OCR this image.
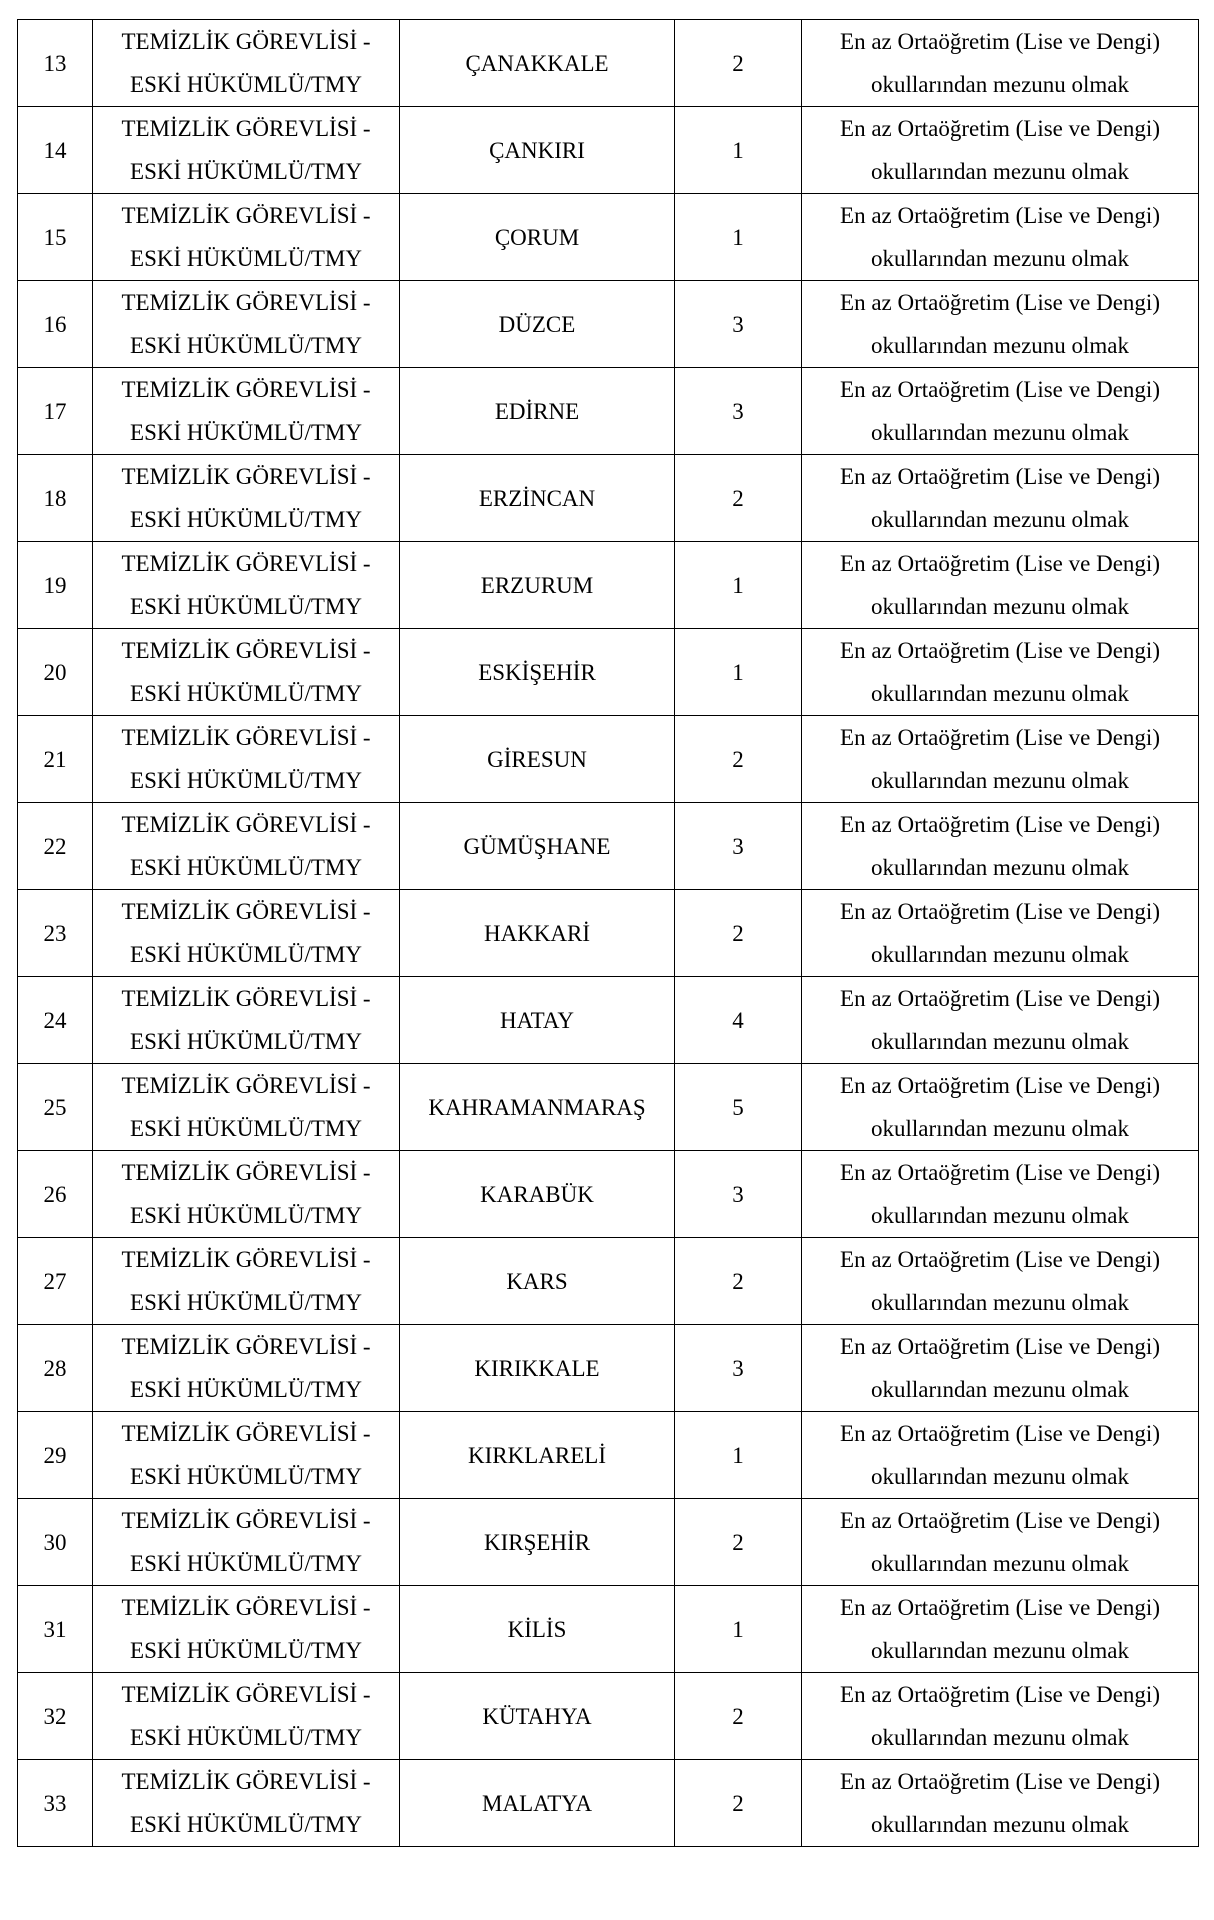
13	TEMİZLİK GÖREVLİSİ -
ESKİ HÜKÜMLÜ/TMY	ÇANAKKALE	2	En az Ortaöğretim (Lise ve Dengi)
okullarından mezunu olmak

14	TEMİZLİK GÖREVLİSİ -
ESKİ HÜKÜMLÜ/TMY	ÇANKIRI	1	En az Ortaöğretim (Lise ve Dengi)
okullarından mezunu olmak

15	TEMİZLİK GÖREVLİSİ -
ESKİ HÜKÜMLÜ/TMY	ÇORUM	1	En az Ortaöğretim (Lise ve Dengi)
okullarından mezunu olmak

16	TEMİZLİK GÖREVLİSİ -
ESKİ HÜKÜMLÜ/TMY	DÜZCE	3	En az Ortaöğretim (Lise ve Dengi)
okullarından mezunu olmak

17	TEMİZLİK GÖREVLİSİ -
ESKİ HÜKÜMLÜ/TMY	EDİRNE	3	En az Ortaöğretim (Lise ve Dengi)
okullarından mezunu olmak

18	TEMİZLİK GÖREVLİSİ -
ESKİ HÜKÜMLÜ/TMY	ERZİNCAN	2	En az Ortaöğretim (Lise ve Dengi)
okullarından mezunu olmak

19	TEMİZLİK GÖREVLİSİ -
ESKİ HÜKÜMLÜ/TMY	ERZURUM	1	En az Ortaöğretim (Lise ve Dengi)
okullarından mezunu olmak

20	TEMİZLİK GÖREVLİSİ -
ESKİ HÜKÜMLÜ/TMY	ESKİŞEHİR	1	En az Ortaöğretim (Lise ve Dengi)
okullarından mezunu olmak

21	TEMİZLİK GÖREVLİSİ -
ESKİ HÜKÜMLÜ/TMY	GİRESUN	2	En az Ortaöğretim (Lise ve Dengi)
okullarından mezunu olmak

22	TEMİZLİK GÖREVLİSİ -
ESKİ HÜKÜMLÜ/TMY	GÜMÜŞHANE	3	En az Ortaöğretim (Lise ve Dengi)
okullarından mezunu olmak

23	TEMİZLİK GÖREVLİSİ -
ESKİ HÜKÜMLÜ/TMY	HAKKARİ	2	En az Ortaöğretim (Lise ve Dengi)
okullarından mezunu olmak

24	TEMİZLİK GÖREVLİSİ -
ESKİ HÜKÜMLÜ/TMY	HATAY	4	En az Ortaöğretim (Lise ve Dengi)
okullarından mezunu olmak

25	TEMİZLİK GÖREVLİSİ -
ESKİ HÜKÜMLÜ/TMY	KAHRAMANMARAŞ	5	En az Ortaöğretim (Lise ve Dengi)
okullarından mezunu olmak

26	TEMİZLİK GÖREVLİSİ -
ESKİ HÜKÜMLÜ/TMY	KARABÜK	3	En az Ortaöğretim (Lise ve Dengi)
okullarından mezunu olmak

27	TEMİZLİK GÖREVLİSİ -
ESKİ HÜKÜMLÜ/TMY	KARS	2	En az Ortaöğretim (Lise ve Dengi)
okullarından mezunu olmak

28	TEMİZLİK GÖREVLİSİ -
ESKİ HÜKÜMLÜ/TMY	KIRIKKALE	3	En az Ortaöğretim (Lise ve Dengi)
okullarından mezunu olmak

29	TEMİZLİK GÖREVLİSİ -
ESKİ HÜKÜMLÜ/TMY	KIRKLARELİ	1	En az Ortaöğretim (Lise ve Dengi)
okullarından mezunu olmak

30	TEMİZLİK GÖREVLİSİ -
ESKİ HÜKÜMLÜ/TMY	KIRŞEHİR	2	En az Ortaöğretim (Lise ve Dengi)
okullarından mezunu olmak

31	TEMİZLİK GÖREVLİSİ -
ESKİ HÜKÜMLÜ/TMY	KİLİS	1	En az Ortaöğretim (Lise ve Dengi)
okullarından mezunu olmak

32	TEMİZLİK GÖREVLİSİ -
ESKİ HÜKÜMLÜ/TMY	KÜTAHYA	2	En az Ortaöğretim (Lise ve Dengi)
okullarından mezunu olmak

33	TEMİZLİK GÖREVLİSİ -
ESKİ HÜKÜMLÜ/TMY	MALATYA	2	En az Ortaöğretim (Lise ve Dengi)
okullarından mezunu olmak
